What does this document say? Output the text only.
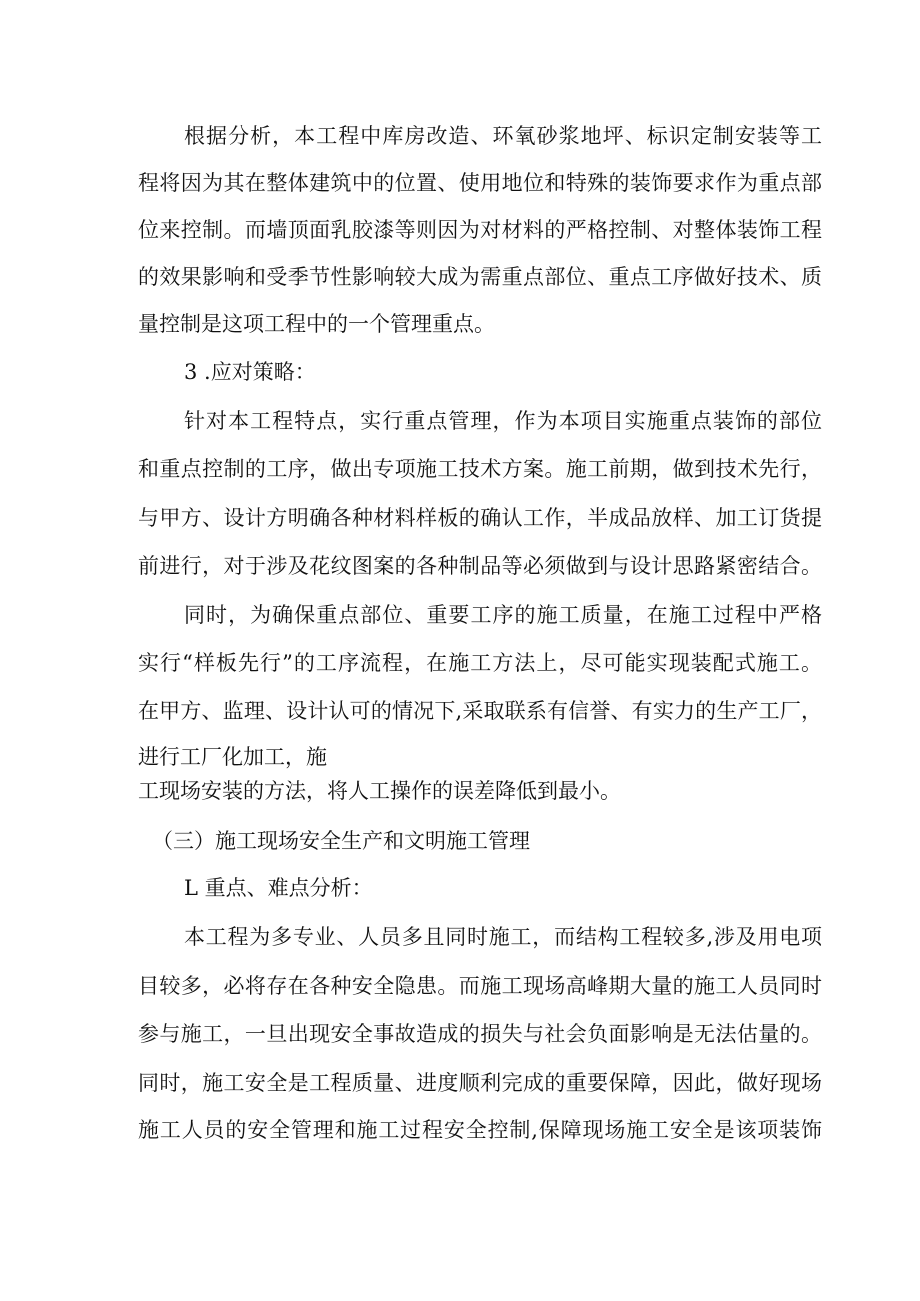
根据分析，本工程中库房改造、环氧砂浆地坪、标识定制安装等工
程将因为其在整体建筑中的位置、使用地位和特殊的装饰要求作为重点部
位来控制。而墙顶面乳胶漆等则因为对材料的严格控制、对整体装饰工程
的效果影响和受季节性影响较大成为需重点部位、重点工序做好技术、质
量控制是这项工程中的一个管理重点。
3 .应对策略：
针对本工程特点，实行重点管理，作为本项目实施重点装饰的部位
和重点控制的工序，做出专项施工技术方案。施工前期，做到技术先行，
与甲方、设计方明确各种材料样板的确认工作，半成品放样、加工订货提
前进行，对于涉及花纹图案的各种制品等必须做到与设计思路紧密结合。
同时，为确保重点部位、重要工序的施工质量，在施工过程中严格
实行“样板先行”的工序流程，在施工方法上，尽可能实现装配式施工。
在甲方、监理、设计认可的情况下,采取联系有信誉、有实力的生产工厂，
进行工厂化加工，施
工现场安装的方法，将人工操作的误差降低到最小。
（三）施工现场安全生产和文明施工管理
L 重点、难点分析：
本工程为多专业、人员多且同时施工，而结构工程较多,涉及用电项
目较多，必将存在各种安全隐患。而施工现场高峰期大量的施工人员同时
参与施工，一旦出现安全事故造成的损失与社会负面影响是无法估量的。
同时，施工安全是工程质量、进度顺利完成的重要保障，因此，做好现场
施工人员的安全管理和施工过程安全控制,保障现场施工安全是该项装饰
